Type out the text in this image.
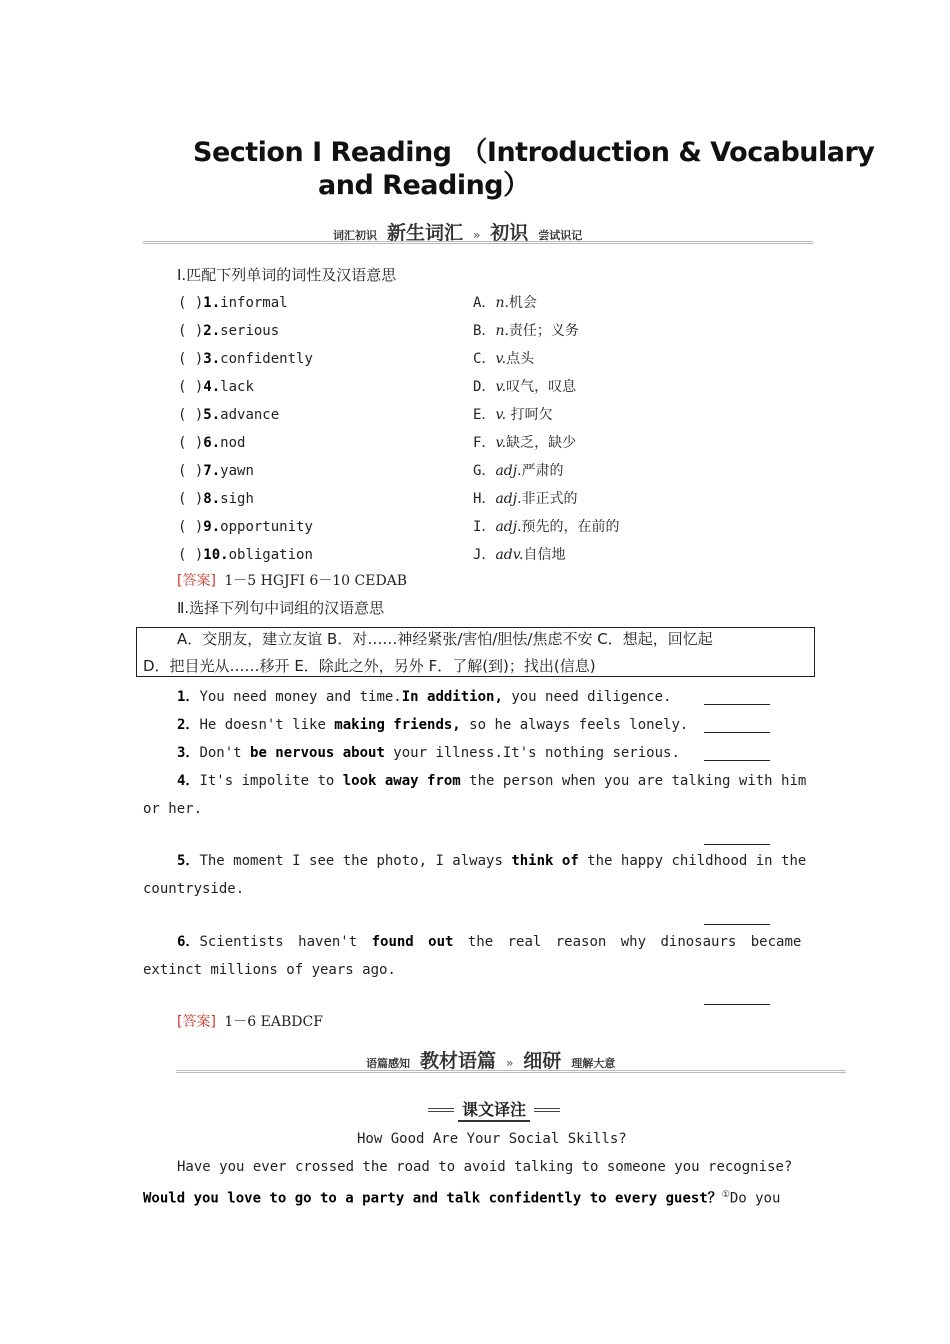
Section Ⅰ Reading （Introduction & Vocabulary
and Reading）
词汇初识 新生词汇 » 初识 尝试识记
Ⅰ.匹配下列单词的词性及汉语意思
( )1.informal
( )2.serious
( )3.confidently
( )4.lack
( )5.advance
( )6.nod
( )7.yawn
( )8.sigh
( )9.opportunity
( )10.obligation
A．n.机会
B．n.责任；义务
C．v.点头
D．v.叹气，叹息
E．v. 打呵欠
F．v.缺乏，缺少
G．adj.严肃的
H．adj.非正式的
I．adj.预先的，在前的
J．adv.自信地
[答案] 1－5 HGJFI 6－10 CEDAB
Ⅱ.选择下列句中词组的汉语意思
A．交朋友，建立友谊 B．对……神经紧张/害怕/胆怯/焦虑不安 C．想起，回忆起
D．把目光从……移开 E．除此之外，另外 F．了解(到)；找出(信息)
1．You need money and time.In addition, you need diligence.
2．He doesn't like making friends, so he always feels lonely.
3．Don't be nervous about your illness.It's nothing serious.
4．It's impolite to look away from the person when you are talking with him
or her.
5．The moment I see the photo, I always think of the happy childhood in the
countryside.
6．Scientists haven't found out the real reason why dinosaurs became
extinct millions of years ago.
[答案] 1－6 EABDCF
语篇感知 教材语篇 » 细研 理解大意
课文译注
How Good Are Your Social Skills?
Have you ever crossed the road to avoid talking to someone you recognise?
Would you love to go to a party and talk confidently to every guest？①Do you
